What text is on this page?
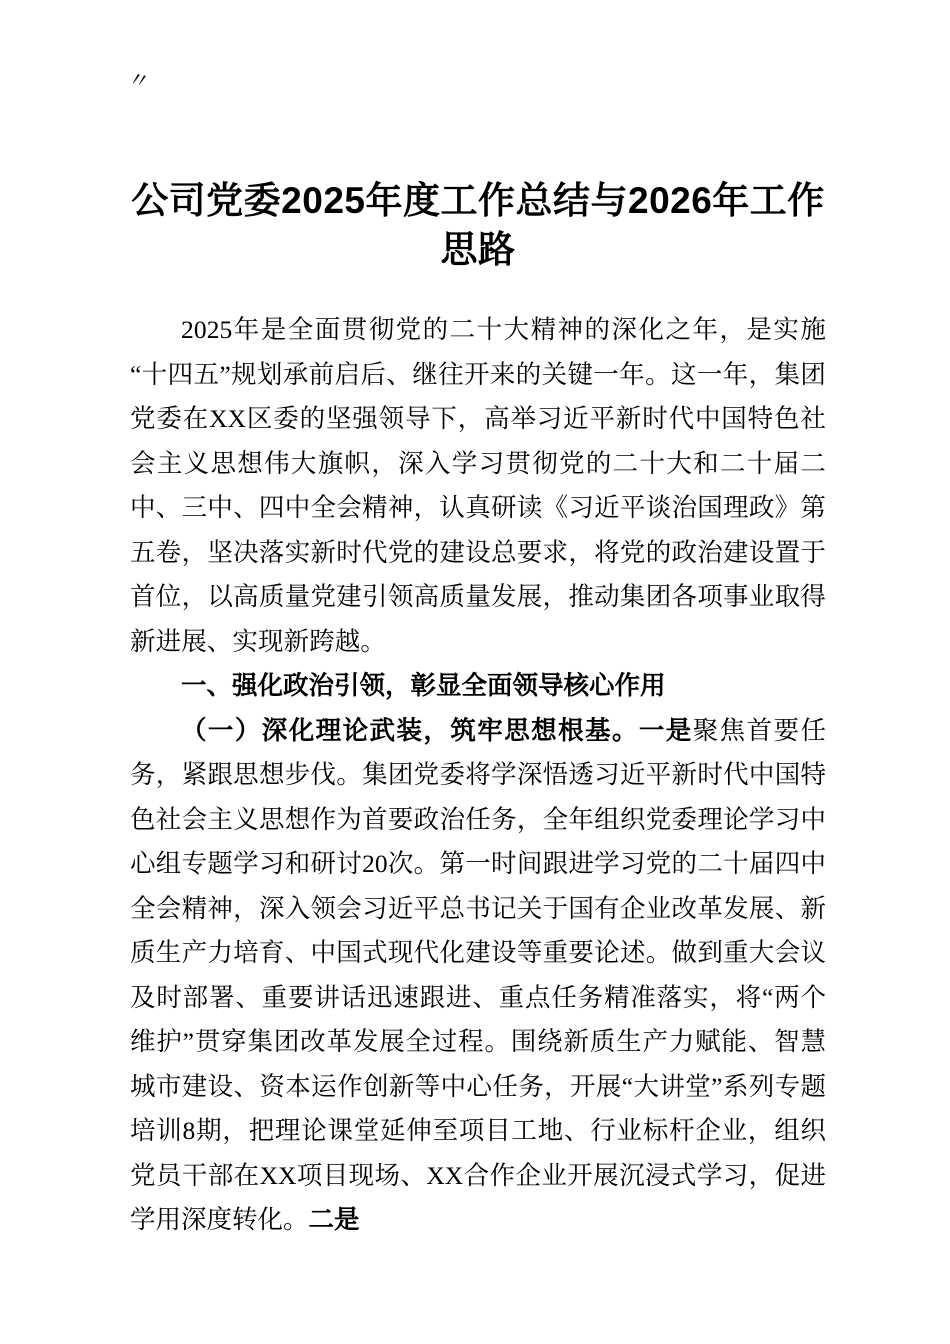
〃
公司党委2025年度工作总结与2026年工作思路

2025年是全面贯彻党的二十大精神的深化之年，是实施“十四五”规划承前启后、继往开来的关键一年。这一年，集团党委在XX区委的坚强领导下，高举习近平新时代中国特色社会主义思想伟大旗帜，深入学习贯彻党的二十大和二十届二中、三中、四中全会精神，认真研读《习近平谈治国理政》第五卷，坚决落实新时代党的建设总要求，将党的政治建设置于首位，以高质量党建引领高质量发展，推动集团各项事业取得新进展、实现新跨越。

一、强化政治引领，彰显全面领导核心作用

（一）深化理论武装，筑牢思想根基。一是聚焦首要任务，紧跟思想步伐。集团党委将学深悟透习近平新时代中国特色社会主义思想作为首要政治任务，全年组织党委理论学习中心组专题学习和研讨20次。第一时间跟进学习党的二十届四中全会精神，深入领会习近平总书记关于国有企业改革发展、新质生产力培育、中国式现代化建设等重要论述。做到重大会议及时部署、重要讲话迅速跟进、重点任务精准落实，将“两个维护”贯穿集团改革发展全过程。围绕新质生产力赋能、智慧城市建设、资本运作创新等中心任务，开展“大讲堂”系列专题培训8期，把理论课堂延伸至项目工地、行业标杆企业，组织党员干部在XX项目现场、XX合作企业开展沉浸式学习，促进学用深度转化。二是
